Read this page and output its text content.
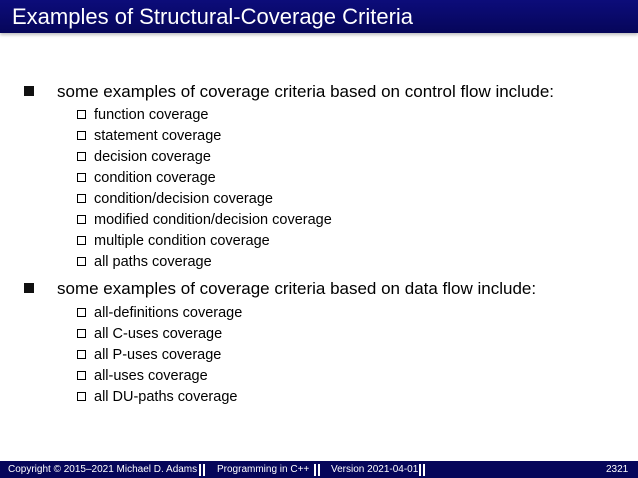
Examples of Structural-Coverage Criteria
some examples of coverage criteria based on control flow include:
function coverage
statement coverage
decision coverage
condition coverage
condition/decision coverage
modified condition/decision coverage
multiple condition coverage
all paths coverage
some examples of coverage criteria based on data flow include:
all-definitions coverage
all C-uses coverage
all P-uses coverage
all-uses coverage
all DU-paths coverage
Copyright © 2015–2021 Michael D. Adams Programming in C++ Version 2021-04-01	2321
